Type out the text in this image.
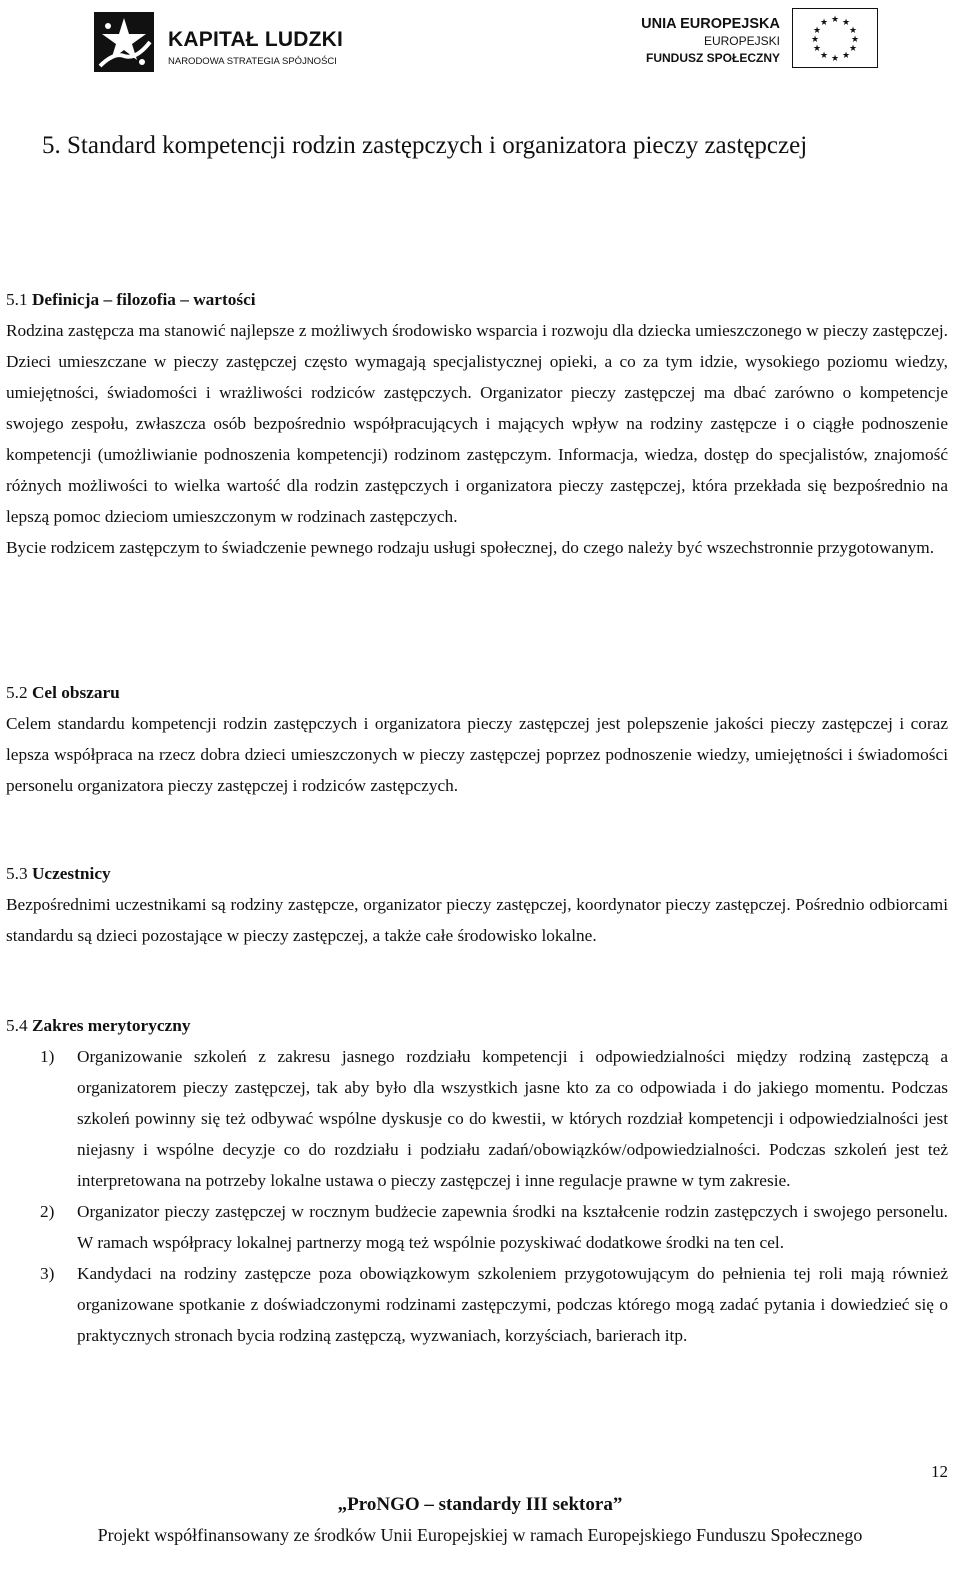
KAPITAŁ LUDZKI
NARODOWA STRATEGIA SPÓJNOŚCI
UNIA EUROPEJSKA
EUROPEJSKI
FUNDUSZ SPOŁECZNY
★ ★
★
★
★
★
★
★
★
★
★
★
5. Standard kompetencji rodzin zastępczych i organizatora pieczy zastępczej
5.1 Definicja – filozofia – wartości

Rodzina zastępcza ma stanowić najlepsze z możliwych środowisko wsparcia i rozwoju dla dziecka umieszczonego w pieczy zastępczej. Dzieci umieszczane w pieczy zastępczej często wymagają specjalistycznej opieki, a co za tym idzie, wysokiego poziomu wiedzy, umiejętności, świadomości i wrażliwości rodziców zastępczych. Organizator pieczy zastępczej ma dbać zarówno o kompetencje swojego zespołu, zwłaszcza osób bezpośrednio współpracujących i mających wpływ na rodziny zastępcze i o ciągłe podnoszenie kompetencji (umożliwianie podnoszenia kompetencji) rodzinom zastępczym. Informacja, wiedza, dostęp do specjalistów, znajomość różnych możliwości to wielka wartość dla rodzin zastępczych i organizatora pieczy zastępczej, która przekłada się bezpośrednio na lepszą pomoc dzieciom umieszczonym w rodzinach zastępczych.

Bycie rodzicem zastępczym to świadczenie pewnego rodzaju usługi społecznej, do czego należy być wszechstronnie przygotowanym.

5.2 Cel obszaru

Celem standardu kompetencji rodzin zastępczych i organizatora pieczy zastępczej jest polepszenie jakości pieczy zastępczej i coraz lepsza współpraca na rzecz dobra dzieci umieszczonych w pieczy zastępczej poprzez podnoszenie wiedzy, umiejętności i świadomości personelu organizatora pieczy zastępczej i rodziców zastępczych.

5.3 Uczestnicy

Bezpośrednimi uczestnikami są rodziny zastępcze, organizator pieczy zastępczej, koordynator pieczy zastępczej. Pośrednio odbiorcami standardu są dzieci pozostające w pieczy zastępczej, a także całe środowisko lokalne.

5.4 Zakres merytoryczny
1) Organizowanie szkoleń z zakresu jasnego rozdziału kompetencji i odpowiedzialności między rodziną zastępczą a organizatorem pieczy zastępczej, tak aby było dla wszystkich jasne kto za co odpowiada i do jakiego momentu. Podczas szkoleń powinny się też odbywać wspólne dyskusje co do kwestii, w których rozdział kompetencji i odpowiedzialności jest niejasny i wspólne decyzje co do rozdziału i podziału zadań/obowiązków/odpowiedzialności. Podczas szkoleń jest też interpretowana na potrzeby lokalne ustawa o pieczy zastępczej i inne regulacje prawne w tym zakresie.
2) Organizator pieczy zastępczej w rocznym budżecie zapewnia środki na kształcenie rodzin zastępczych i swojego personelu. W ramach współpracy lokalnej partnerzy mogą też wspólnie pozyskiwać dodatkowe środki na ten cel.
3) Kandydaci na rodziny zastępcze poza obowiązkowym szkoleniem przygotowującym do pełnienia tej roli mają również organizowane spotkanie z doświadczonymi rodzinami zastępczymi, podczas którego mogą zadać pytania i dowiedzieć się o praktycznych stronach bycia rodziną zastępczą, wyzwaniach, korzyściach, barierach itp.
12
„ProNGO – standardy III sektora”
Projekt współfinansowany ze środków Unii Europejskiej w ramach Europejskiego Funduszu Społecznego
